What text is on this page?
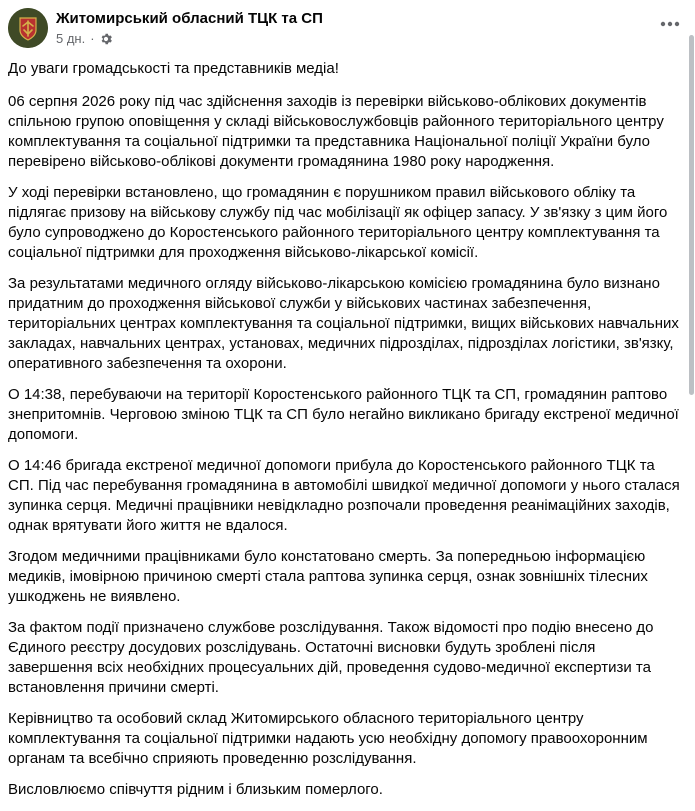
Житомирський обласний ТЦК та СП
5 дн. ·

До уваги громадськості та представників медіа!

06 серпня 2026 року під час здійснення заходів із перевірки військово-облікових документів спільною групою оповіщення у складі військовослужбовців районного територіального центру комплектування та соціальної підтримки та представника Національної поліції України було перевірено військово-облікові документи громадянина 1980 року народження.

У ході перевірки встановлено, що громадянин є порушником правил військового обліку та підлягає призову на військову службу під час мобілізації як офіцер запасу. У зв'язку з цим його було супроводжено до Коростенського районного територіального центру комплектування та соціальної підтримки для проходження військово-лікарської комісії.

За результатами медичного огляду військово-лікарською комісією громадянина було визнано придатним до проходження військової служби у військових частинах забезпечення, територіальних центрах комплектування та соціальної підтримки, вищих військових навчальних закладах, навчальних центрах, установах, медичних підрозділах, підрозділах логістики, зв'язку, оперативного забезпечення та охорони.

О 14:38, перебуваючи на території Коростенського районного ТЦК та СП, громадянин раптово знепритомнів. Черговою зміною ТЦК та СП було негайно викликано бригаду екстреної медичної допомоги.

О 14:46 бригада екстреної медичної допомоги прибула до Коростенського районного ТЦК та СП. Під час перебування громадянина в автомобілі швидкої медичної допомоги у нього сталася зупинка серця. Медичні працівники невідкладно розпочали проведення реанімаційних заходів, однак врятувати його життя не вдалося.

Згодом медичними працівниками було констатовано смерть. За попередньою інформацією медиків, імовірною причиною смерті стала раптова зупинка серця, ознак зовнішніх тілесних ушкоджень не виявлено.

За фактом події призначено службове розслідування. Також відомості про подію внесено до Єдиного реєстру досудових розслідувань. Остаточні висновки будуть зроблені після завершення всіх необхідних процесуальних дій, проведення судово-медичної експертизи та встановлення причини смерті.

Керівництво та особовий склад Житомирського обласного територіального центру комплектування та соціальної підтримки надають усю необхідну допомогу правоохоронним органам та всебічно сприяють проведенню розслідування.

Висловлюємо співчуття рідним і близьким померлого.
